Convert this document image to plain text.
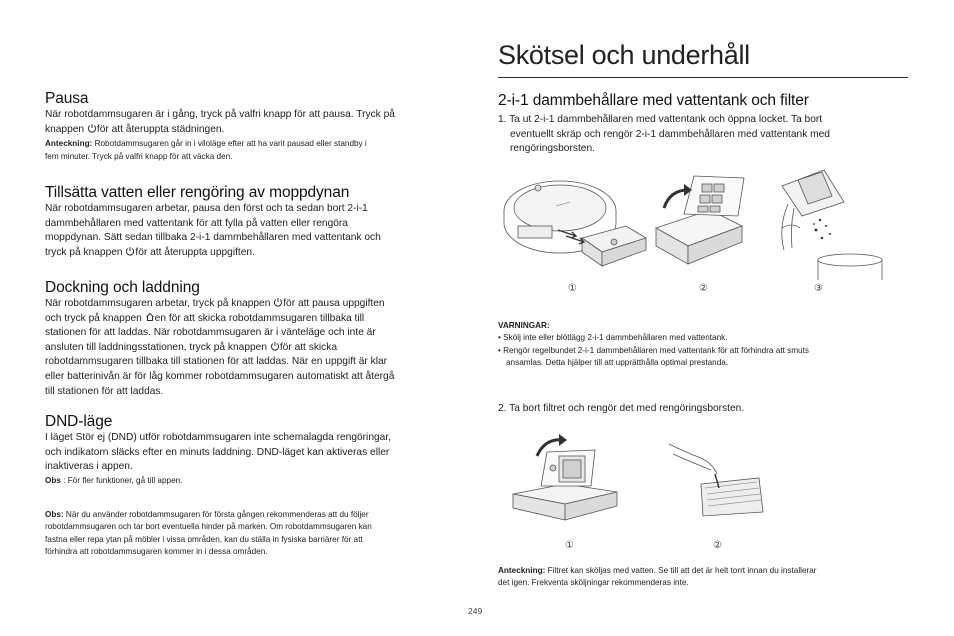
Skötsel och underhåll
Pausa
När robotdammsugaren är i gång, tryck på valfri knapp för att pausa. Tryck på
knappen för att återuppta städningen.
Anteckning: Robotdammsugaren går in i viloläge efter att ha varit pausad eller standby i
fem minuter. Tryck på valfri knapp för att väcka den.
Tillsätta vatten eller rengöring av moppdynan
När robotdammsugaren arbetar, pausa den först och ta sedan bort 2-i-1
dammbehållaren med vattentank för att fylla på vatten eller rengöra
moppdynan. Sätt sedan tillbaka 2-i-1 dammbehållaren med vattentank och
tryck på knappen för att återuppta uppgiften.
Dockning och laddning
När robotdammsugaren arbetar, tryck på knappen för att pausa uppgiften
och tryck på knappen en för att skicka robotdammsugaren tillbaka till
stationen för att laddas. När robotdammsugaren är i vänteläge och inte är
ansluten till laddningsstationen, tryck på knappen för att skicka
robotdammsugaren tillbaka till stationen för att laddas. När en uppgift är klar
eller batterinivån är för låg kommer robotdammsugaren automatiskt att återgå
till stationen för att laddas.
DND-läge
I läget Stör ej (DND) utför robotdammsugaren inte schemalagda rengöringar,
och indikatorn släcks efter en minuts laddning. DND-läget kan aktiveras eller
inaktiveras i appen.
Obs : För fler funktioner, gå till appen.
Obs: När du använder robotdammsugaren för första gången rekommenderas att du följer
robotdammsugaren och tar bort eventuella hinder på marken. Om robotdammsugaren kan
fastna eller repa ytan på möbler i vissa områden, kan du ställa in fysiska barriärer för att
förhindra att robotdammsugaren kommer in i dessa områden.
2-i-1 dammbehållare med vattentank och filter
1. Ta ut 2-i-1 dammbehållaren med vattentank och öppna locket. Ta bort
eventuellt skräp och rengör 2-i-1 dammbehållaren med vattentank med
rengöringsborsten.
①	②	③
VARNINGAR:
• Skölj inte eller blötlägg 2-i-1 dammbehållaren med vattentank.
• Rengör regelbundet 2-i-1 dammbehållaren med vattentank för att förhindra att smuts
ansamlas. Detta hjälper till att upprätthålla optimal prestanda.
2. Ta bort filtret och rengör det med rengöringsborsten.
①	②
Anteckning: Filtret kan sköljas med vatten. Se till att det är helt torrt innan du installerar
det igen. Frekventa sköljningar rekommenderas inte.
249
